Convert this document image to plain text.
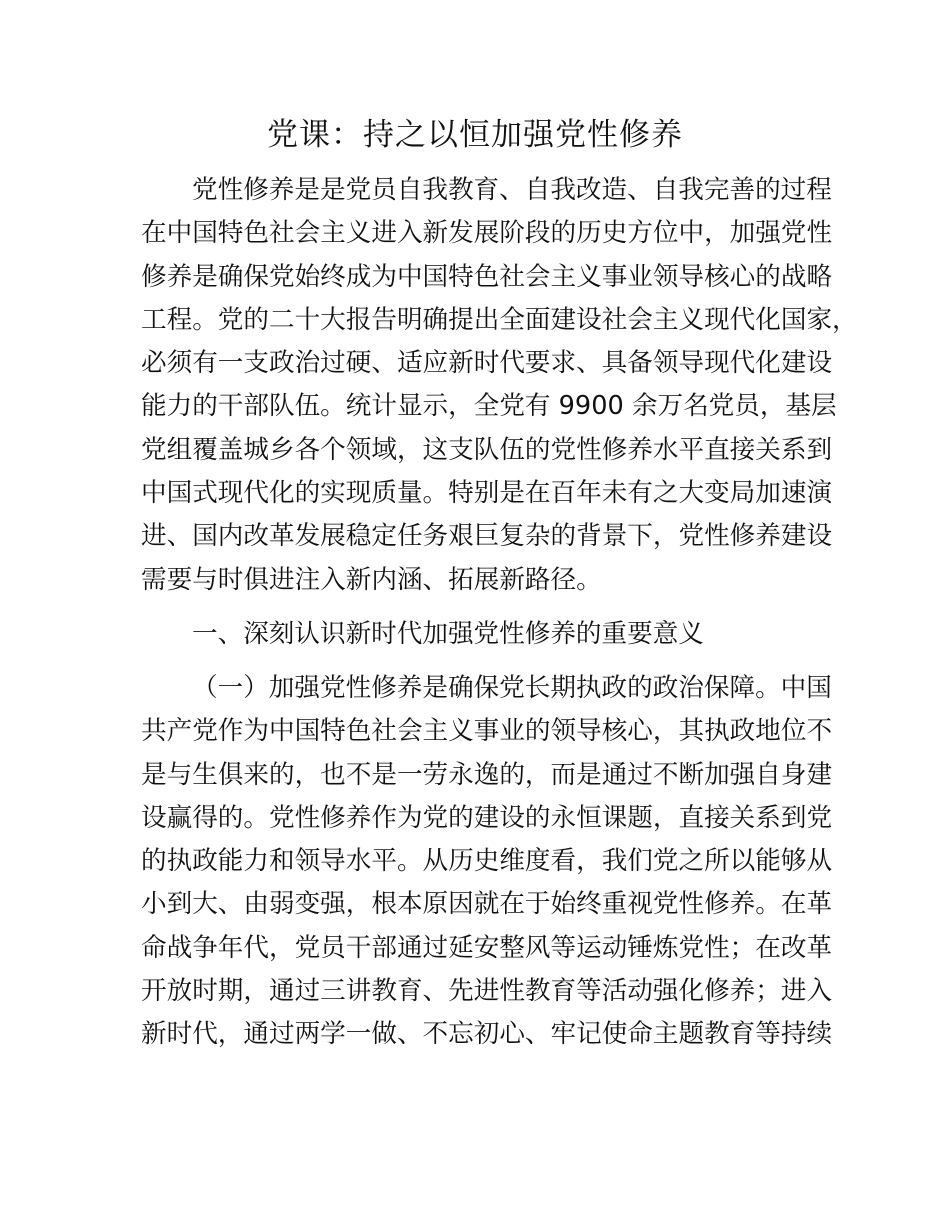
党课：持之以恒加强党性修养
党性修养是是党员自我教育、自我改造、自我完善的过程
在中国特色社会主义进入新发展阶段的历史方位中，加强党性
修养是确保党始终成为中国特色社会主义事业领导核心的战略
工程。党的二十大报告明确提出全面建设社会主义现代化国家，
必须有一支政治过硬、适应新时代要求、具备领导现代化建设
能力的干部队伍。统计显示，全党有 9900 余万名党员，基层
党组覆盖城乡各个领域，这支队伍的党性修养水平直接关系到
中国式现代化的实现质量。特别是在百年未有之大变局加速演
进、国内改革发展稳定任务艰巨复杂的背景下，党性修养建设
需要与时俱进注入新内涵、拓展新路径。
一、深刻认识新时代加强党性修养的重要意义
（一）加强党性修养是确保党长期执政的政治保障。中国
共产党作为中国特色社会主义事业的领导核心，其执政地位不
是与生俱来的，也不是一劳永逸的，而是通过不断加强自身建
设赢得的。党性修养作为党的建设的永恒课题，直接关系到党
的执政能力和领导水平。从历史维度看，我们党之所以能够从
小到大、由弱变强，根本原因就在于始终重视党性修养。在革
命战争年代，党员干部通过延安整风等运动锤炼党性；在改革
开放时期，通过三讲教育、先进性教育等活动强化修养；进入
新时代，通过两学一做、不忘初心、牢记使命主题教育等持续
